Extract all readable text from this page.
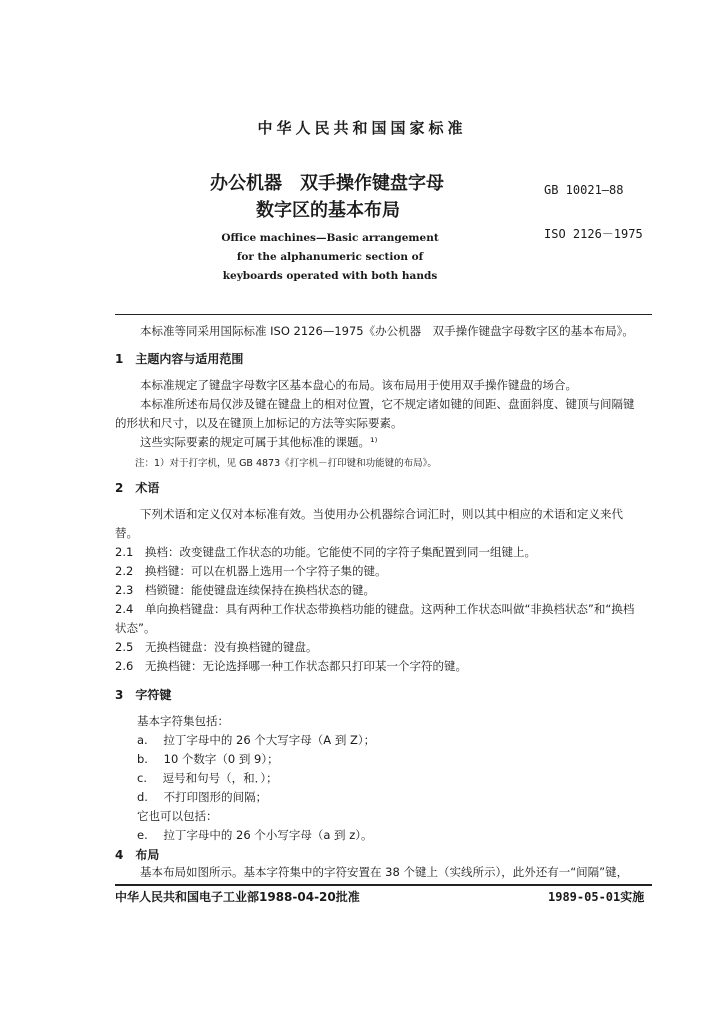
中华人民共和国国家标准
办公机器　双手操作键盘字母
数字区的基本布局
GB 10021—88
ISO 2126－1975
Office machines—Basic arrangement
for the alphanumeric section of
keyboards operated with both hands
本标准等同采用国际标准 ISO 2126—1975《办公机器　双手操作键盘字母数字区的基本布局》。
1　主题内容与适用范围
本标准规定了键盘字母数字区基本盘心的布局。该布局用于使用双手操作键盘的场合。
本标准所述布局仅涉及键在键盘上的相对位置，它不规定诸如键的间距、盘面斜度、键顶与间隔键
的形状和尺寸，以及在键顶上加标记的方法等实际要素。
这些实际要素的规定可属于其他标准的课题。¹⁾
注：1）对于打字机，见 GB 4873《打字机－打印键和功能键的布局》。
2　术语
下列术语和定义仅对本标准有效。当使用办公机器综合词汇时，则以其中相应的术语和定义来代
替。
2.1 换档：改变键盘工作状态的功能。它能使不同的字符子集配置到同一组键上。
2.2 换档键：可以在机器上选用一个字符子集的键。
2.3 档锁键：能使键盘连续保持在换档状态的键。
2.4 单向换档键盘：具有两种工作状态带换档功能的键盘。这两种工作状态叫做“非换档状态”和“换档
状态”。
2.5 无换档键盘：没有换档键的键盘。
2.6 无换档键：无论选择哪一种工作状态都只打印某一个字符的键。
3　字符键
基本字符集包括：
a. 拉丁字母中的 26 个大写字母（A 到 Z）；
b. 10 个数字（0 到 9）；
c. 逗号和句号（，和．）；
d. 不打印图形的间隔；
它也可以包括：
e. 拉丁字母中的 26 个小写字母（a 到 z）。
4　布局
基本布局如图所示。基本字符集中的字符安置在 38 个键上（实线所示），此外还有一“间隔”键，
中华人民共和国电子工业部1988-04-20批准	1989-05-01实施
